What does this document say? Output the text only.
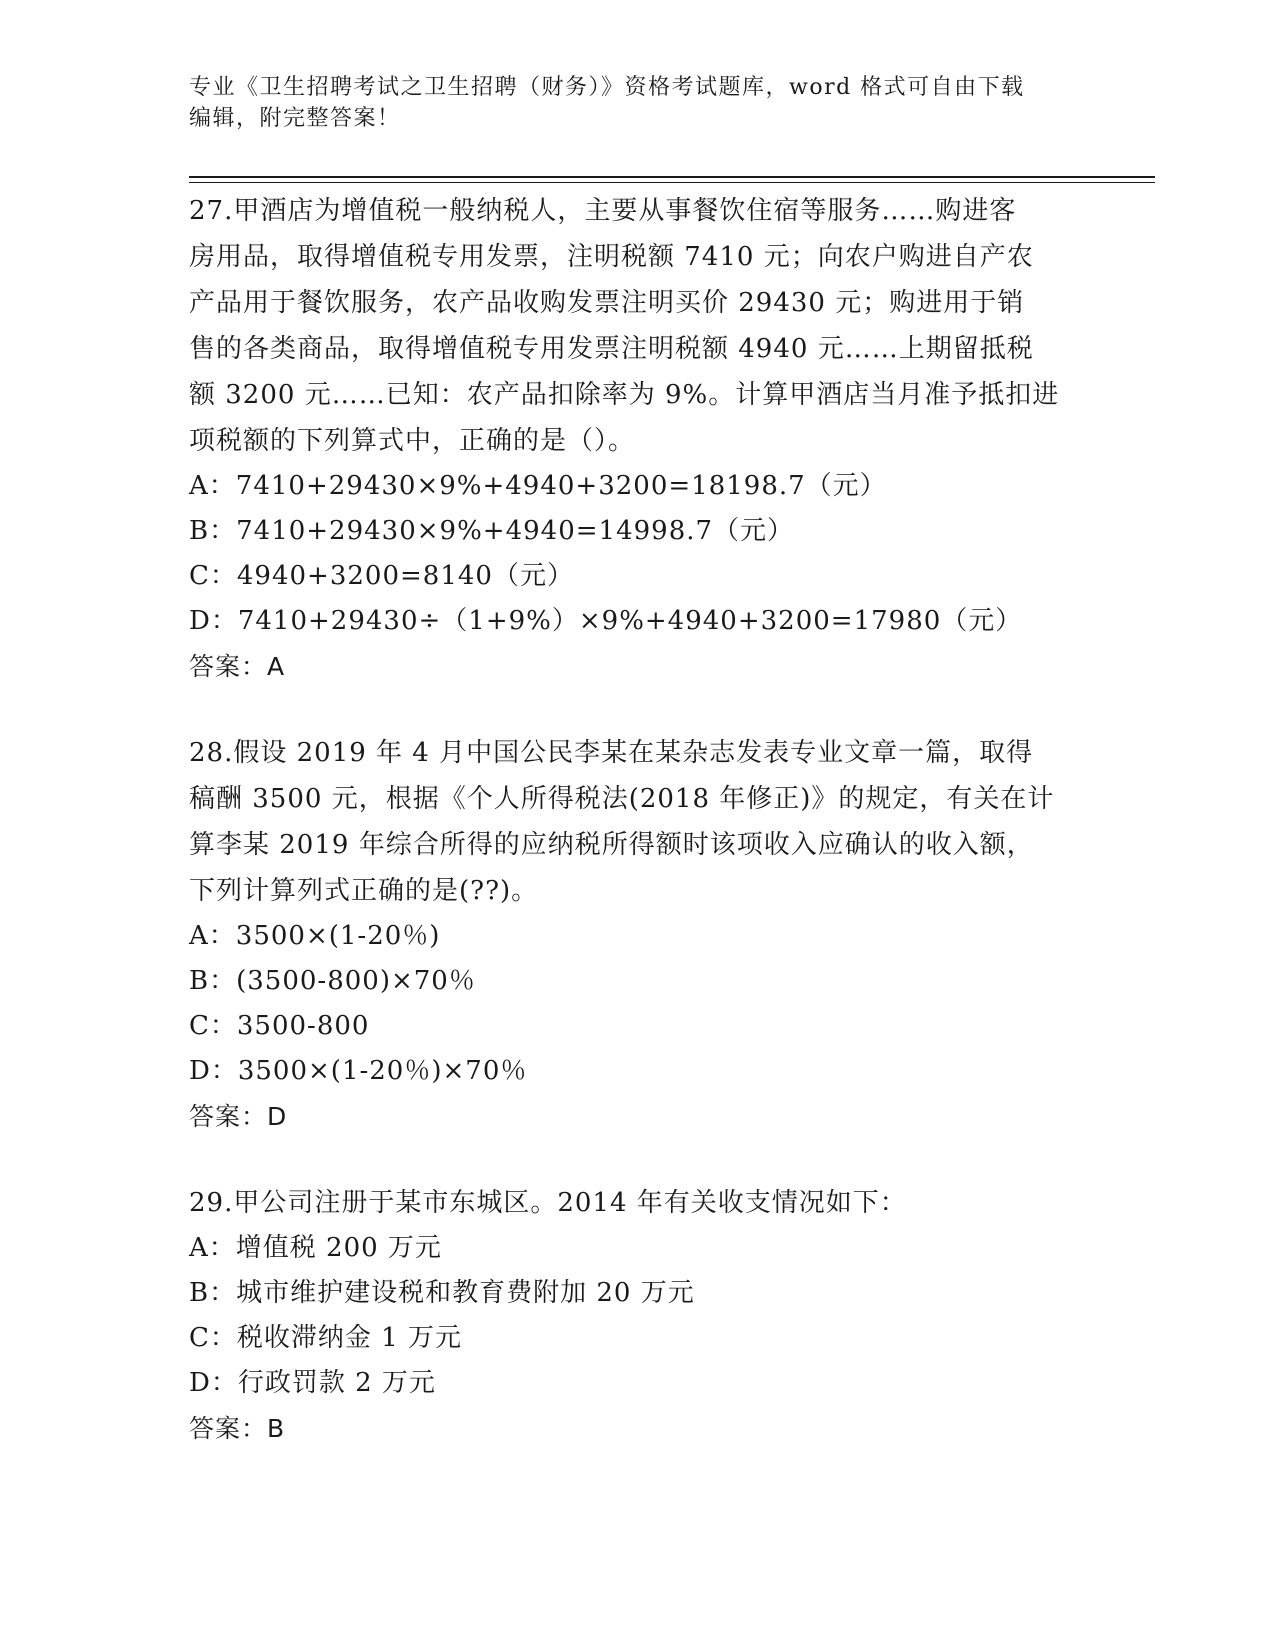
专业《卫生招聘考试之卫生招聘（财务）》资格考试题库，word 格式可自由下载
编辑，附完整答案！
27.甲酒店为增值税一般纳税人，主要从事餐饮住宿等服务……购进客
房用品，取得增值税专用发票，注明税额 7410 元；向农户购进自产农
产品用于餐饮服务，农产品收购发票注明买价 29430 元；购进用于销
售的各类商品，取得增值税专用发票注明税额 4940 元……上期留抵税
额 3200 元……已知：农产品扣除率为 9%。计算甲酒店当月准予抵扣进
项税额的下列算式中，正确的是（）。
A：7410+29430×9%+4940+3200=18198.7（元）
B：7410+29430×9%+4940=14998.7（元）
C：4940+3200=8140（元）
D：7410+29430÷（1+9%）×9%+4940+3200=17980（元）
答案：A
28.假设 2019 年 4 月中国公民李某在某杂志发表专业文章一篇，取得
稿酬 3500 元，根据《个人所得税法(2018 年修正)》的规定，有关在计
算李某 2019 年综合所得的应纳税所得额时该项收入应确认的收入额，
下列计算列式正确的是(??)。
A：3500×(1-20％)
B：(3500-800)×70％
C：3500-800
D：3500×(1-20％)×70％
答案：D
29.甲公司注册于某市东城区。2014 年有关收支情况如下：
A：增值税 200 万元
B：城市维护建设税和教育费附加 20 万元
C：税收滞纳金 1 万元
D：行政罚款 2 万元
答案：B
